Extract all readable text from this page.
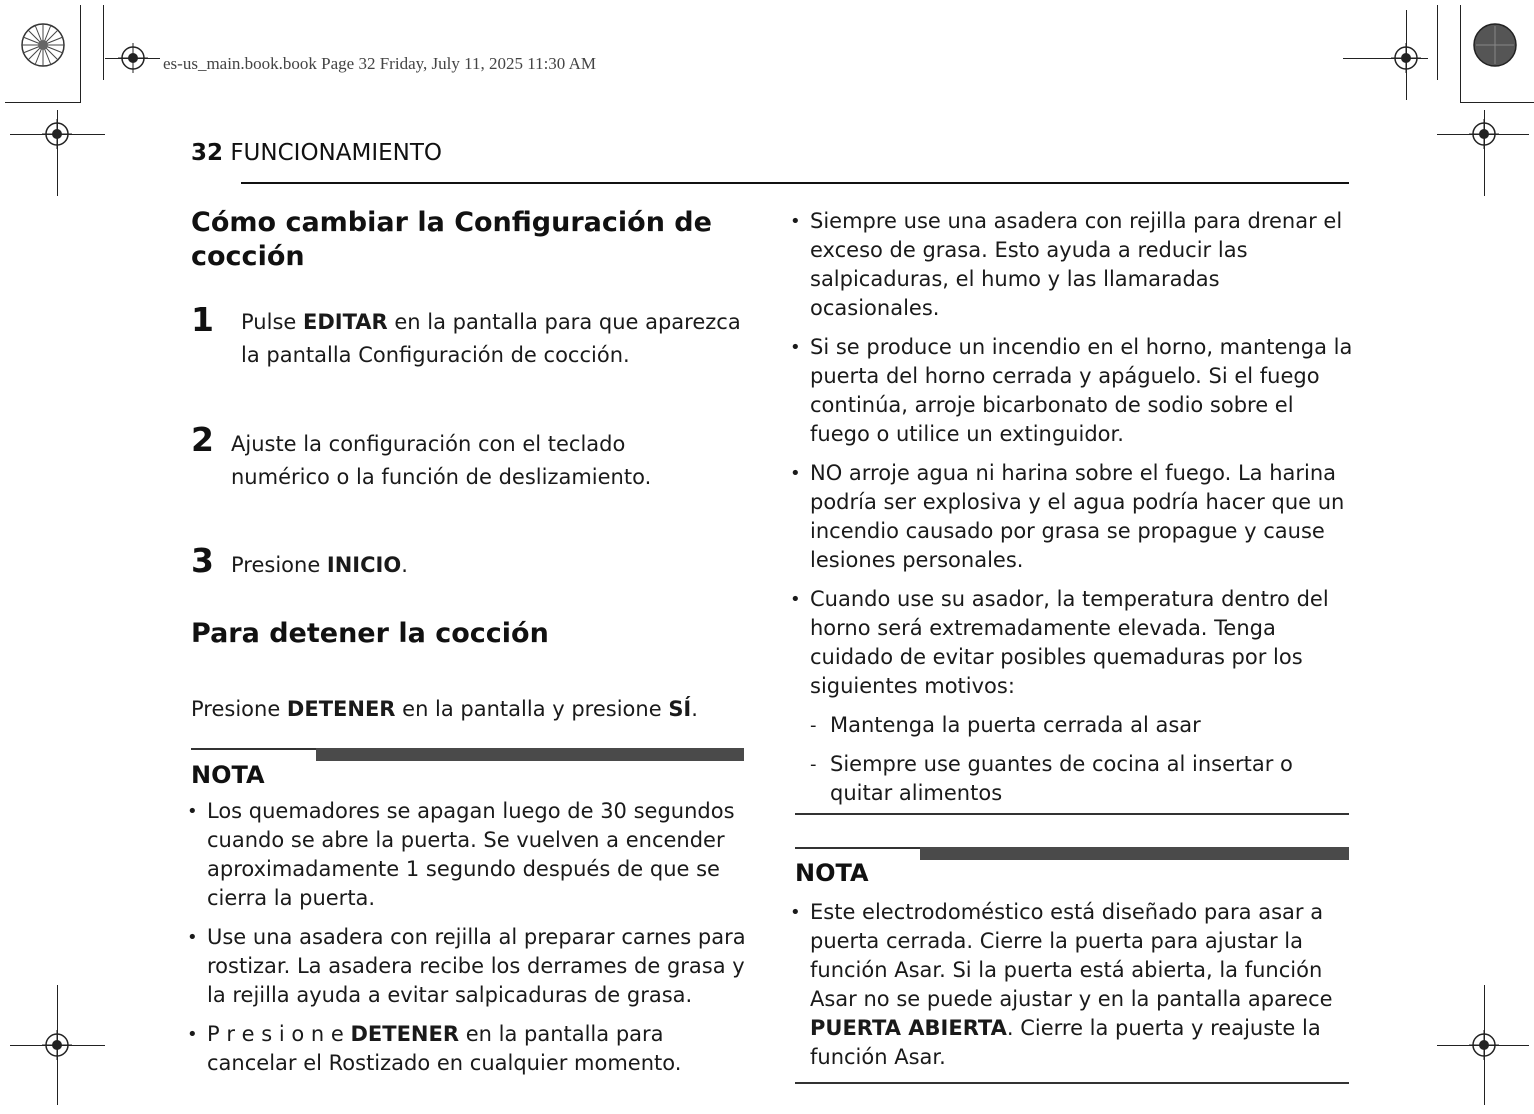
es-us_main.book.book Page 32 Friday, July 11, 2025 11:30 AM
32 FUNCIONAMIENTO
Cómo cambiar la Configuración de cocción
1 Pulse EDITAR en la pantalla para que aparezca la pantalla Configuración de cocción.
2 Ajuste la configuración con el teclado numérico o la función de deslizamiento.
3 Presione INICIO.
Para detener la cocción
Presione DETENER en la pantalla y presione SÍ.
NOTA
• Los quemadores se apagan luego de 30 segundos cuando se abre la puerta. Se vuelven a encender aproximadamente 1 segundo después de que se cierra la puerta.
• Use una asadera con rejilla al preparar carnes para rostizar. La asadera recibe los derrames de grasa y la rejilla ayuda a evitar salpicaduras de grasa.
• P r e s i o n e DETENER en la pantalla para cancelar el Rostizado en cualquier momento.
• Siempre use una asadera con rejilla para drenar el exceso de grasa. Esto ayuda a reducir las salpicaduras, el humo y las llamaradas ocasionales.
• Si se produce un incendio en el horno, mantenga la puerta del horno cerrada y apáguelo. Si el fuego continúa, arroje bicarbonato de sodio sobre el fuego o utilice un extinguidor.
• NO arroje agua ni harina sobre el fuego. La harina podría ser explosiva y el agua podría hacer que un incendio causado por grasa se propague y cause lesiones personales.
• Cuando use su asador, la temperatura dentro del horno será extremadamente elevada. Tenga cuidado de evitar posibles quemaduras por los siguientes motivos:
- Mantenga la puerta cerrada al asar
- Siempre use guantes de cocina al insertar o quitar alimentos
NOTA
• Este electrodoméstico está diseñado para asar a puerta cerrada. Cierre la puerta para ajustar la función Asar. Si la puerta está abierta, la función Asar no se puede ajustar y en la pantalla aparece PUERTA ABIERTA. Cierre la puerta y reajuste la función Asar.
